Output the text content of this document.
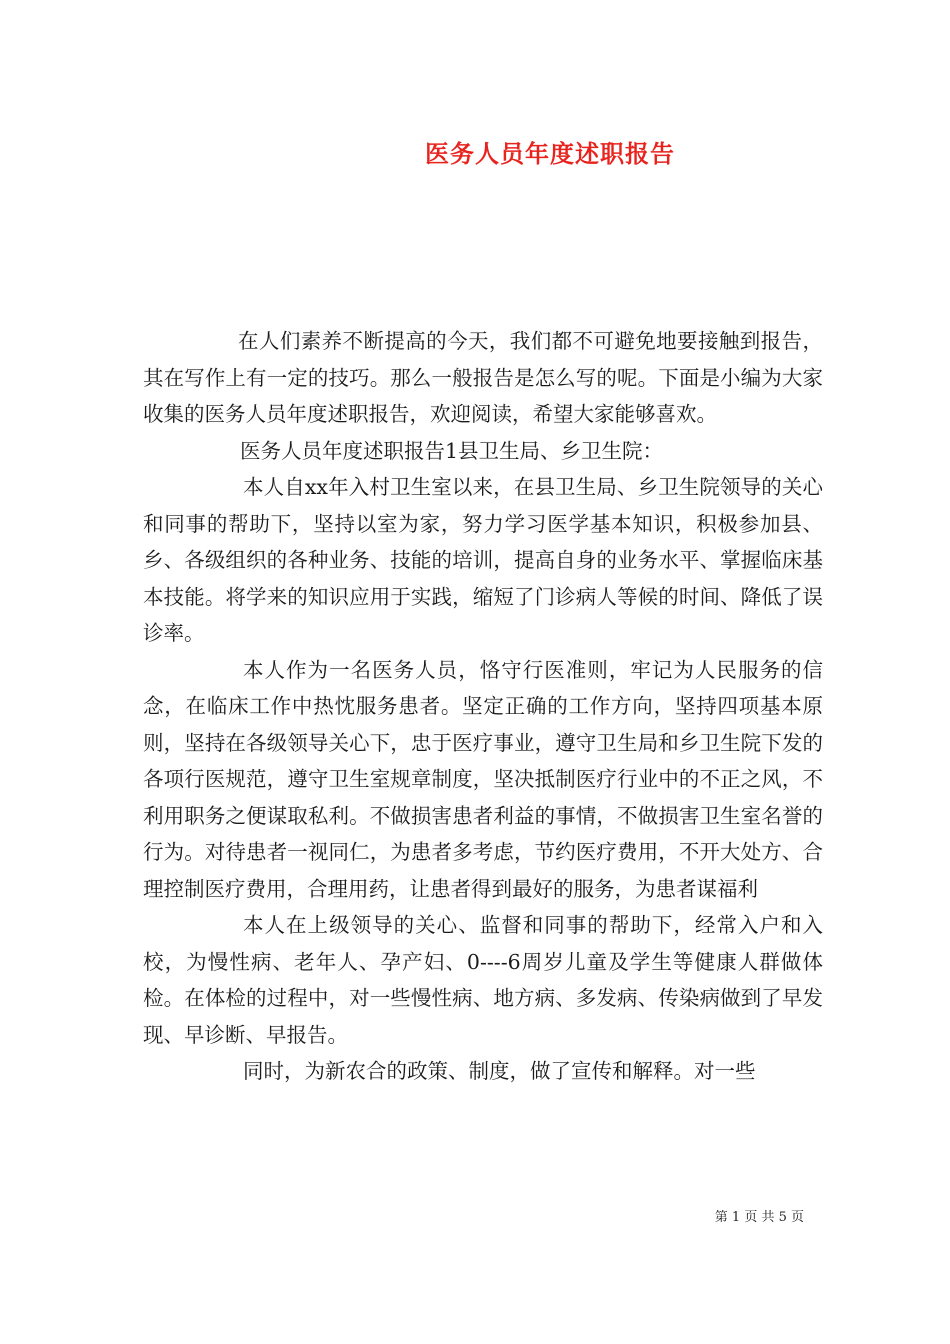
医务人员年度述职报告

在人们素养不断提高的今天，我们都不可避免地要接触到报告，其在写作上有一定的技巧。那么一般报告是怎么写的呢。下面是小编为大家收集的医务人员年度述职报告，欢迎阅读，希望大家能够喜欢。

医务人员年度述职报告1县卫生局、乡卫生院：

本人自xx年入村卫生室以来，在县卫生局、乡卫生院领导的关心和同事的帮助下，坚持以室为家，努力学习医学基本知识，积极参加县、乡、各级组织的各种业务、技能的培训，提高自身的业务水平、掌握临床基本技能。将学来的知识应用于实践，缩短了门诊病人等候的时间、降低了误诊率。

本人作为一名医务人员，恪守行医准则，牢记为人民服务的信念，在临床工作中热忱服务患者。坚定正确的工作方向，坚持四项基本原则，坚持在各级领导关心下，忠于医疗事业，遵守卫生局和乡卫生院下发的各项行医规范，遵守卫生室规章制度，坚决抵制医疗行业中的不正之风，不利用职务之便谋取私利。不做损害患者利益的事情，不做损害卫生室名誉的行为。对待患者一视同仁，为患者多考虑，节约医疗费用，不开大处方、合理控制医疗费用，合理用药，让患者得到最好的服务，为患者谋福利

本人在上级领导的关心、监督和同事的帮助下，经常入户和入校，为慢性病、老年人、孕产妇、0----6周岁儿童及学生等健康人群做体检。在体检的过程中，对一些慢性病、地方病、多发病、传染病做到了早发现、早诊断、早报告。

同时，为新农合的政策、制度，做了宣传和解释。对一些

第 1 页 共 5 页
